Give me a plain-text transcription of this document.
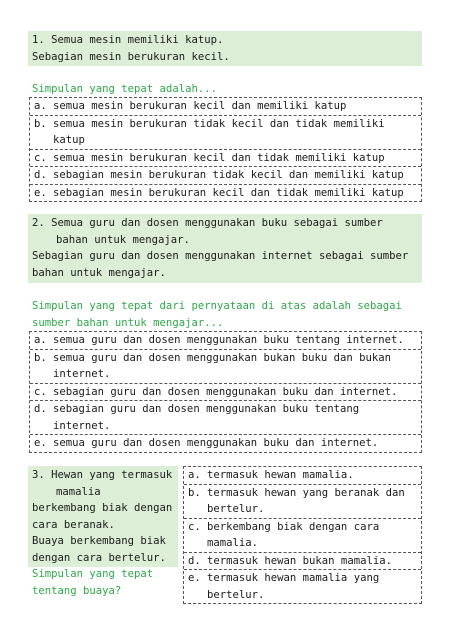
1. Semua mesin memiliki katup.
Sebagian mesin berukuran kecil.
Simpulan yang tepat adalah...
a. semua mesin berukuran kecil dan memiliki katup
b. semua mesin berukuran tidak kecil dan tidak memiliki
katup
c. semua mesin berukuran kecil dan tidak memiliki katup
d. sebagian mesin berukuran tidak kecil dan memiliki katup
e. sebagian mesin berukuran kecil dan tidak memiliki katup
2. Semua guru dan dosen menggunakan buku sebagai sumber
bahan untuk mengajar.
Sebagian guru dan dosen menggunakan internet sebagai sumber
bahan untuk mengajar.
Simpulan yang tepat dari pernyataan di atas adalah sebagai
sumber bahan untuk mengajar...
a. semua guru dan dosen menggunakan buku tentang internet.
b. semua guru dan dosen menggunakan bukan buku dan bukan
internet.
c. sebagian guru dan dosen menggunakan buku dan internet.
d. sebagian guru dan dosen menggunakan buku tentang
internet.
e. semua guru dan dosen menggunakan buku dan internet.
3. Hewan yang termasuk
mamalia
berkembang biak dengan
cara beranak.
Buaya berkembang biak
dengan cara bertelur.
Simpulan yang tepat
tentang buaya?
a. termasuk hewan mamalia.
b. termasuk hewan yang beranak dan
bertelur.
c. berkembang biak dengan cara
mamalia.
d. termasuk hewan bukan mamalia.
e. termasuk hewan mamalia yang
bertelur.
